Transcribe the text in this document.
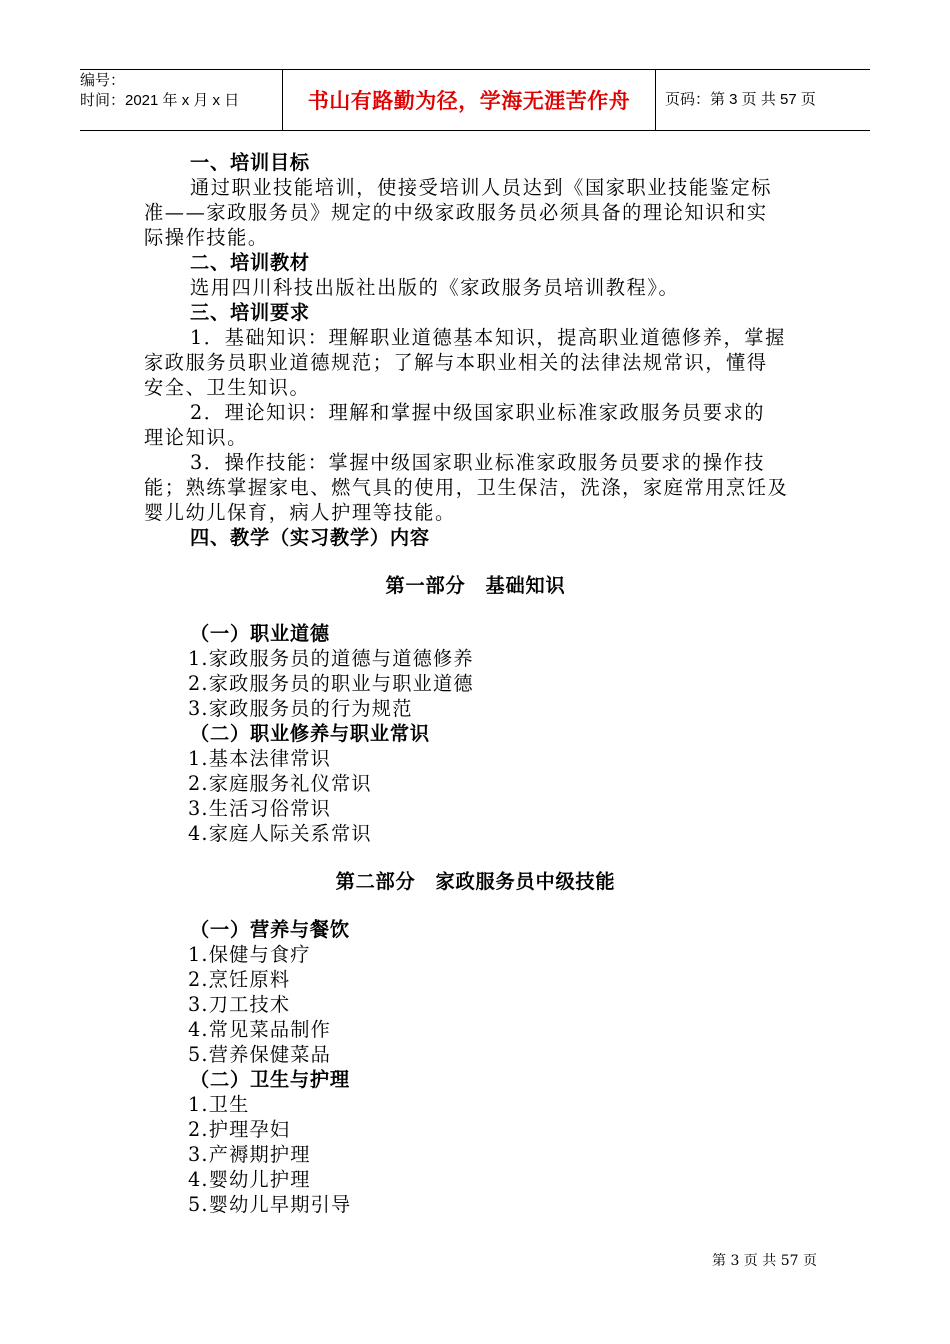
编号：
时间：2021 年 x 月 x 日	书山有路勤为径，学海无涯苦作舟 页码：第 3 页 共 57 页
一、培训目标
通过职业技能培训，使接受培训人员达到《国家职业技能鉴定标
准——家政服务员》规定的中级家政服务员必须具备的理论知识和实
际操作技能。
二、培训教材
选用四川科技出版社出版的《家政服务员培训教程》。
三、培训要求
1．基础知识：理解职业道德基本知识，提高职业道德修养，掌握
家政服务员职业道德规范；了解与本职业相关的法律法规常识，懂得
安全、卫生知识。
2．理论知识：理解和掌握中级国家职业标准家政服务员要求的
理论知识。
3．操作技能：掌握中级国家职业标准家政服务员要求的操作技
能；熟练掌握家电、燃气具的使用，卫生保洁，洗涤，家庭常用烹饪及
婴儿幼儿保育，病人护理等技能。
四、教学（实习教学）内容
第一部分　基础知识
（一）职业道德
1.家政服务员的道德与道德修养
2.家政服务员的职业与职业道德
3.家政服务员的行为规范
（二）职业修养与职业常识
1.基本法律常识
2.家庭服务礼仪常识
3.生活习俗常识
4.家庭人际关系常识
第二部分　家政服务员中级技能
（一）营养与餐饮
1.保健与食疗
2.烹饪原料
3.刀工技术
4.常见菜品制作
5.营养保健菜品
（二）卫生与护理
1.卫生
2.护理孕妇
3.产褥期护理
4.婴幼儿护理
5.婴幼儿早期引导
第 3 页 共 57 页
